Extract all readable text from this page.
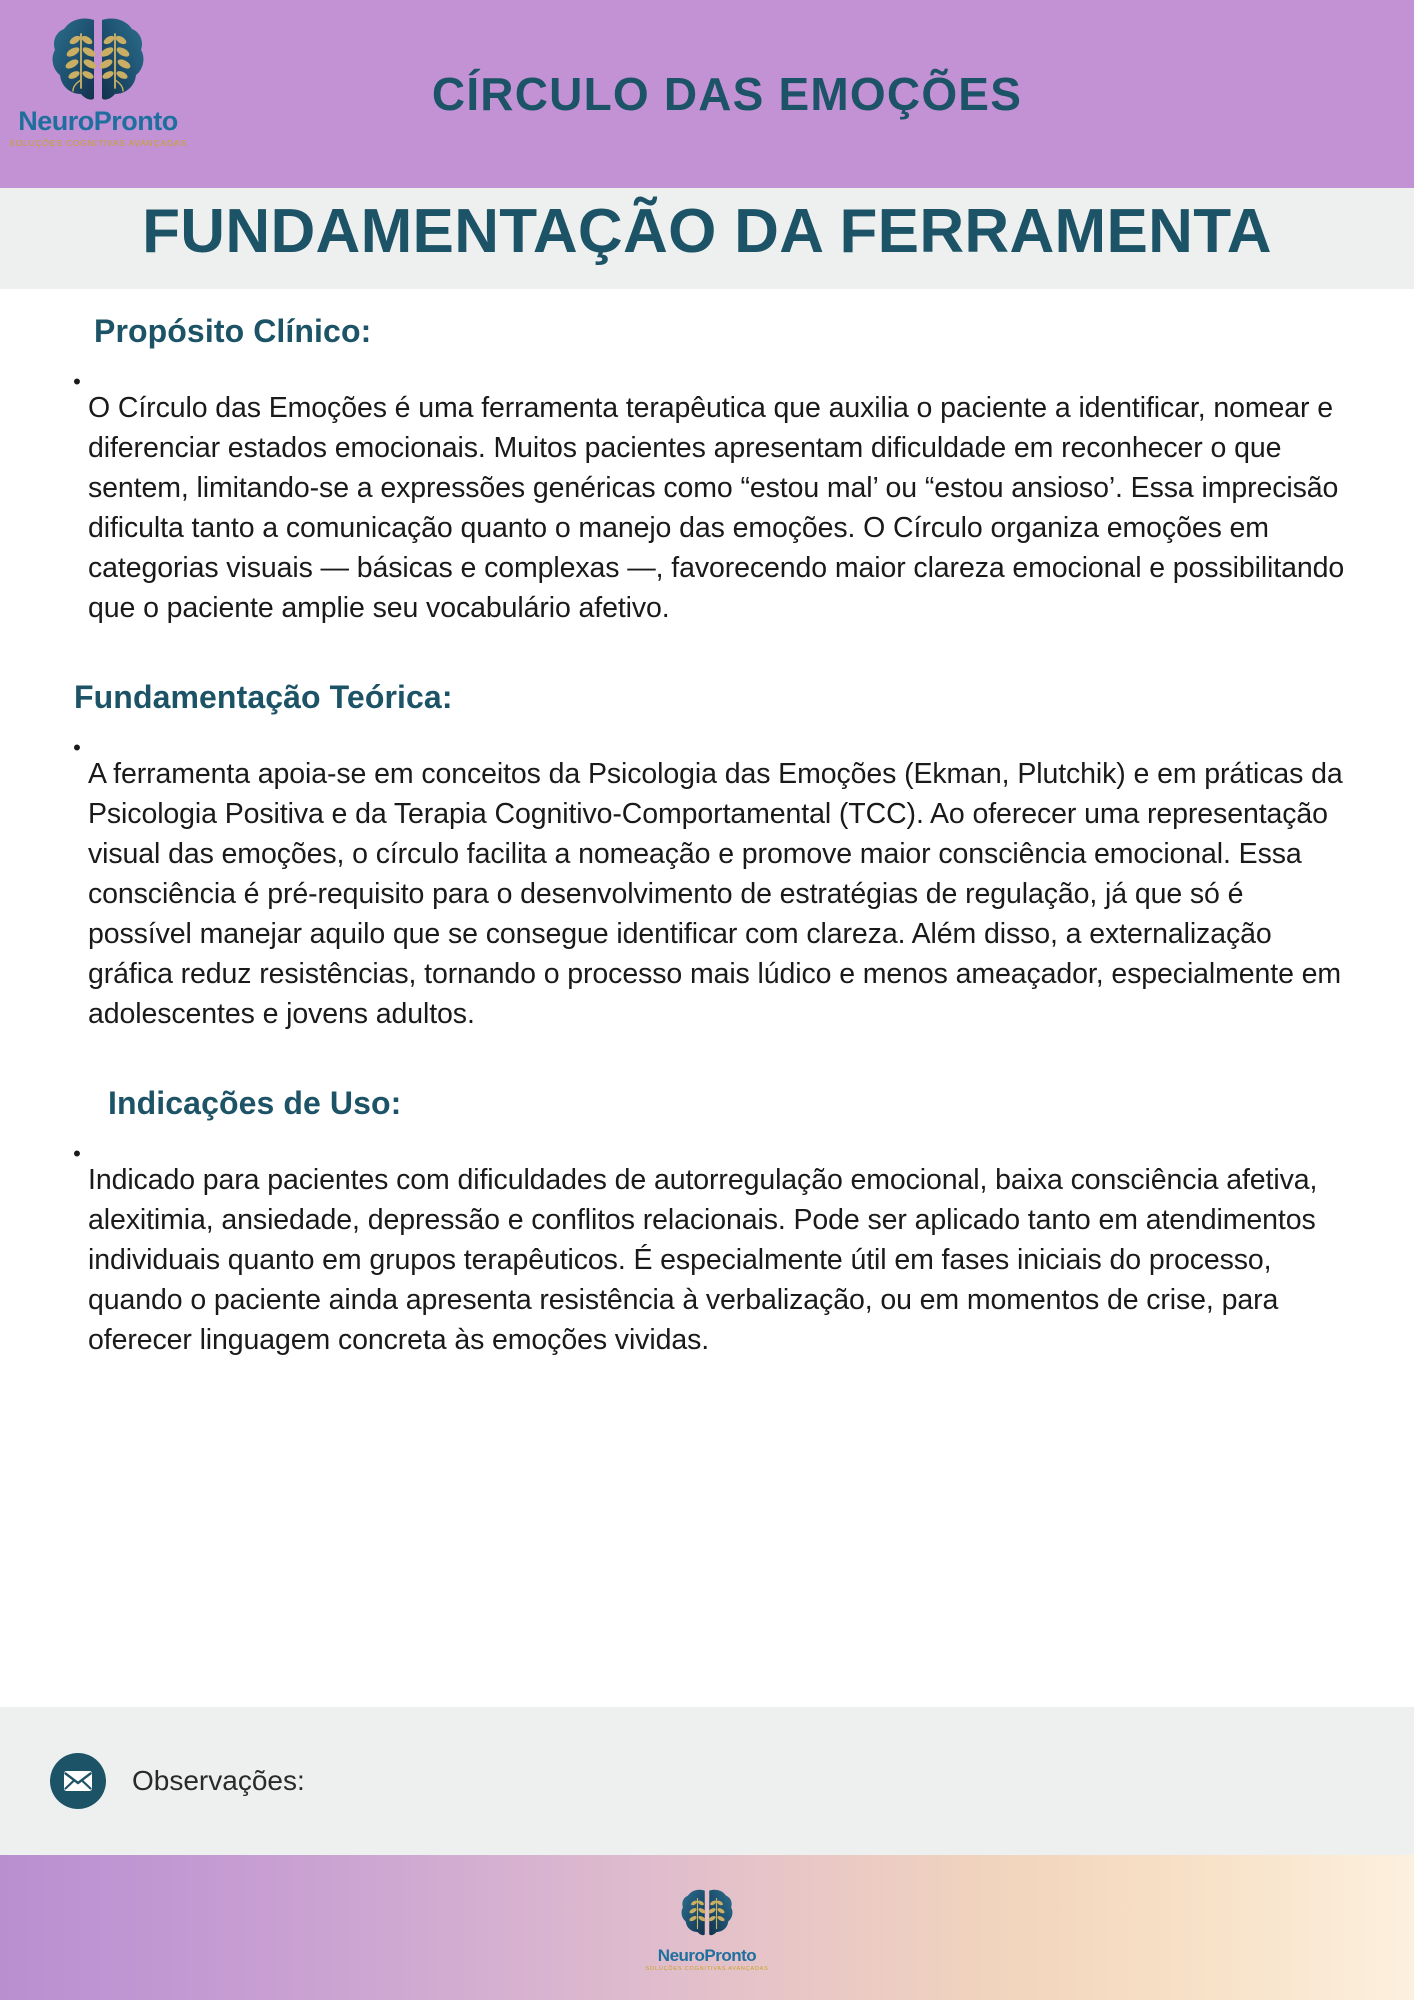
NeuroPronto
SOLUÇÕES COGNITIVAS AVANÇADAS
CÍRCULO DAS EMOÇÕES
FUNDAMENTAÇÃO DA FERRAMENTA
Propósito Clínico:
•

O Círculo das Emoções é uma ferramenta terapêutica que auxilia o paciente a identificar, nomear e diferenciar estados emocionais. Muitos pacientes apresentam dificuldade em reconhecer o que sentem, limitando-se a expressões genéricas como “estou mal’ ou “estou ansioso’. Essa imprecisão dificulta tanto a comunicação quanto o manejo das emoções. O Círculo organiza emoções em categorias visuais — básicas e complexas —, favorecendo maior clareza emocional e possibilitando que o paciente amplie seu vocabulário afetivo.

Fundamentação Teórica:
•

A ferramenta apoia-se em conceitos da Psicologia das Emoções (Ekman, Plutchik) e em práticas da Psicologia Positiva e da Terapia Cognitivo-Comportamental (TCC). Ao oferecer uma representação visual das emoções, o círculo facilita a nomeação e promove maior consciência emocional. Essa consciência é pré-requisito para o desenvolvimento de estratégias de regulação, já que só é possível manejar aquilo que se consegue identificar com clareza. Além disso, a externalização gráfica reduz resistências, tornando o processo mais lúdico e menos ameaçador, especialmente em adolescentes e jovens adultos.

Indicações de Uso:
•

Indicado para pacientes com dificuldades de autorregulação emocional, baixa consciência afetiva, alexitimia, ansiedade, depressão e conflitos relacionais. Pode ser aplicado tanto em atendimentos individuais quanto em grupos terapêuticos. É especialmente útil em fases iniciais do processo, quando o paciente ainda apresenta resistência à verbalização, ou em momentos de crise, para oferecer linguagem concreta às emoções vividas.

Observações:
NeuroPronto
SOLUÇÕES COGNITIVAS AVANÇADAS
